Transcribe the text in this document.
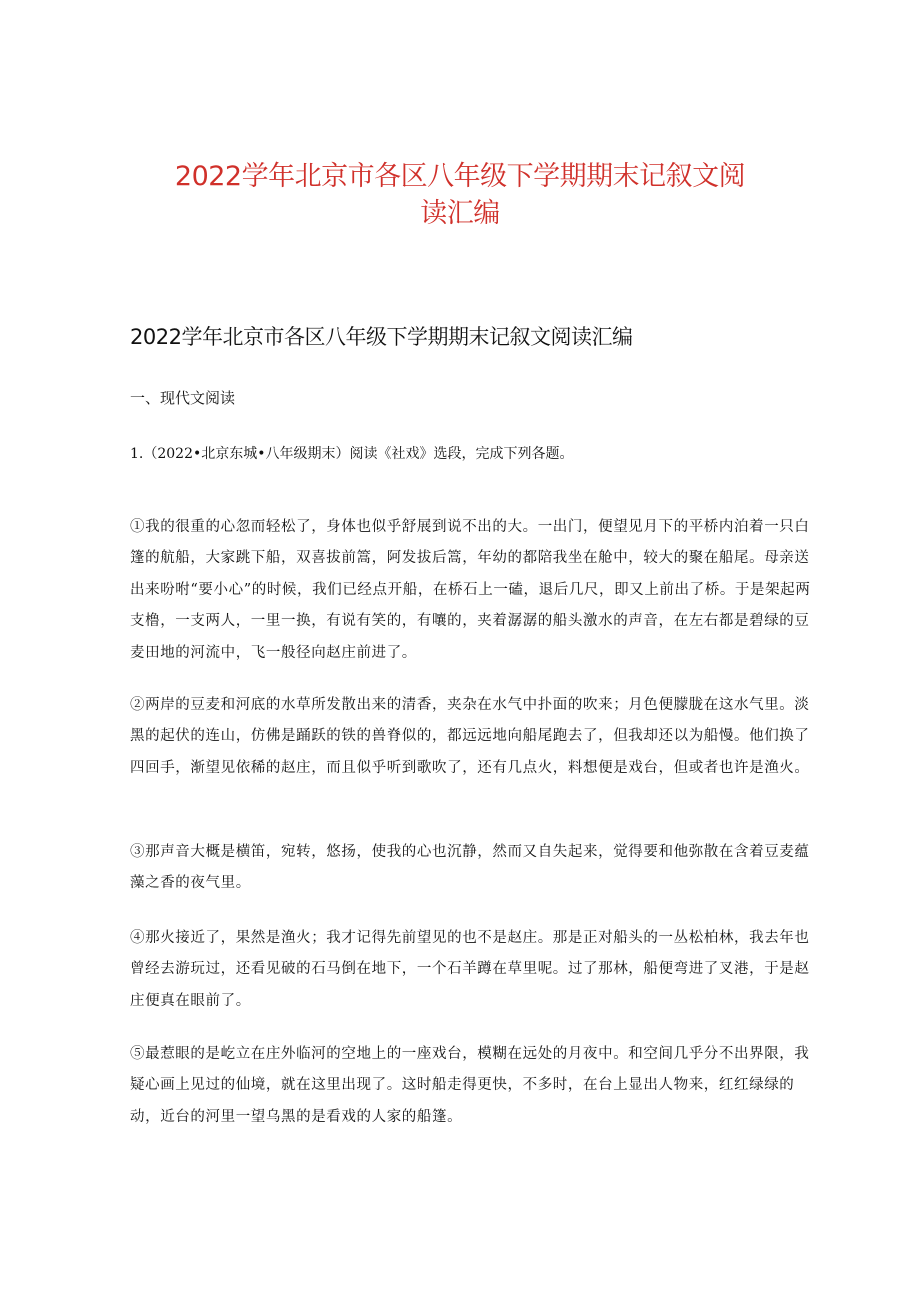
2022学年北京市各区八年级下学期期末记叙文阅
读汇编
2022学年北京市各区八年级下学期期末记叙文阅读汇编
一、现代文阅读
1.（2022•北京东城•八年级期末）阅读《社戏》选段，完成下列各题。

①我的很重的心忽而轻松了，身体也似乎舒展到说不出的大。一出门，便望见月下的平桥内泊着一只白篷的航船，大家跳下船，双喜拔前篙，阿发拔后篙，年幼的都陪我坐在舱中，较大的聚在船尾。母亲送出来吩咐“要小心”的时候，我们已经点开船，在桥石上一磕，退后几尺，即又上前出了桥。于是架起两支橹，一支两人，一里一换，有说有笑的，有嚷的，夹着潺潺的船头激水的声音，在左右都是碧绿的豆麦田地的河流中，飞一般径向赵庄前进了。

②两岸的豆麦和河底的水草所发散出来的清香，夹杂在水气中扑面的吹来；月色便朦胧在这水气里。淡黑的起伏的连山，仿佛是踊跃的铁的兽脊似的，都远远地向船尾跑去了，但我却还以为船慢。他们换了四回手，渐望见依稀的赵庄，而且似乎听到歌吹了，还有几点火，料想便是戏台，但或者也许是渔火。

③那声音大概是横笛，宛转，悠扬，使我的心也沉静，然而又自失起来，觉得要和他弥散在含着豆麦蕴藻之香的夜气里。

④那火接近了，果然是渔火；我才记得先前望见的也不是赵庄。那是正对船头的一丛松柏林，我去年也曾经去游玩过，还看见破的石马倒在地下，一个石羊蹲在草里呢。过了那林，船便弯进了叉港，于是赵庄便真在眼前了。

⑤最惹眼的是屹立在庄外临河的空地上的一座戏台，模糊在远处的月夜中。和空间几乎分不出界限，我疑心画上见过的仙境，就在这里出现了。这时船走得更快，不多时，在台上显出人物来，红红绿绿的动，近台的河里一望乌黑的是看戏的人家的船篷。
